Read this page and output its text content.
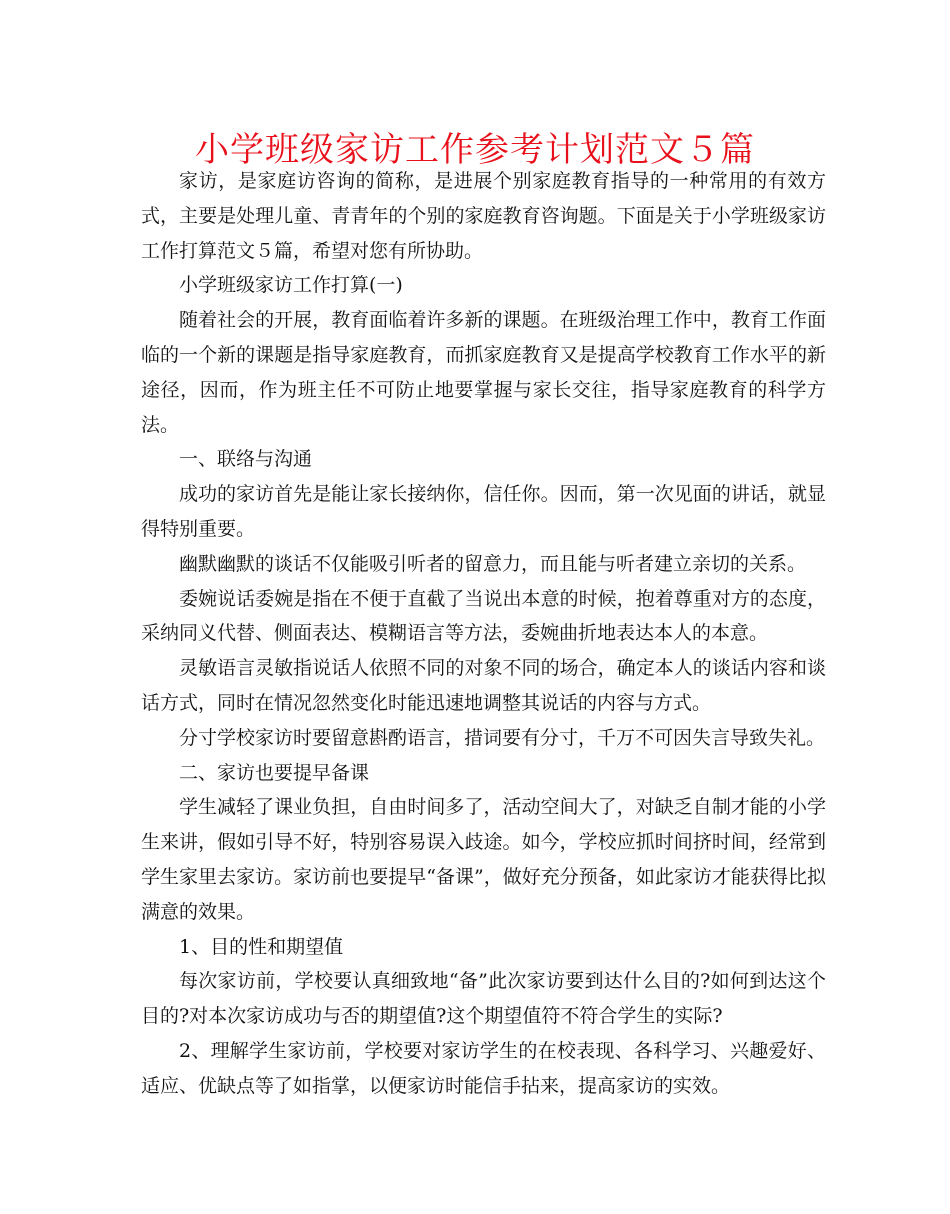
小学班级家访工作参考计划范文５篇

家访，是家庭访咨询的简称，是进展个别家庭教育指导的一种常用的有效方式，主要是处理儿童、青青年的个别的家庭教育咨询题。下面是关于小学班级家访工作打算范文５篇，希望对您有所协助。

小学班级家访工作打算(一)

随着社会的开展，教育面临着许多新的课题。在班级治理工作中，教育工作面临的一个新的课题是指导家庭教育，而抓家庭教育又是提高学校教育工作水平的新途径，因而，作为班主任不可防止地要掌握与家长交往，指导家庭教育的科学方法。

一、联络与沟通

成功的家访首先是能让家长接纳你，信任你。因而，第一次见面的讲话，就显得特别重要。

幽默幽默的谈话不仅能吸引听者的留意力，而且能与听者建立亲切的关系。

委婉说话委婉是指在不便于直截了当说出本意的时候，抱着尊重对方的态度，采纳同义代替、侧面表达、模糊语言等方法，委婉曲折地表达本人的本意。

灵敏语言灵敏指说话人依照不同的对象不同的场合，确定本人的谈话内容和谈话方式，同时在情况忽然变化时能迅速地调整其说话的内容与方式。

分寸学校家访时要留意斟酌语言，措词要有分寸，千万不可因失言导致失礼。

二、家访也要提早备课

学生减轻了课业负担，自由时间多了，活动空间大了，对缺乏自制才能的小学生来讲，假如引导不好，特别容易误入歧途。如今，学校应抓时间挤时间，经常到学生家里去家访。家访前也要提早“备课”，做好充分预备，如此家访才能获得比拟满意的效果。

1、目的性和期望值

每次家访前，学校要认真细致地“备”此次家访要到达什么目的?如何到达这个目的?对本次家访成功与否的期望值?这个期望值符不符合学生的实际?

2、理解学生家访前，学校要对家访学生的在校表现、各科学习、兴趣爱好、适应、优缺点等了如指掌，以便家访时能信手拈来，提高家访的实效。
